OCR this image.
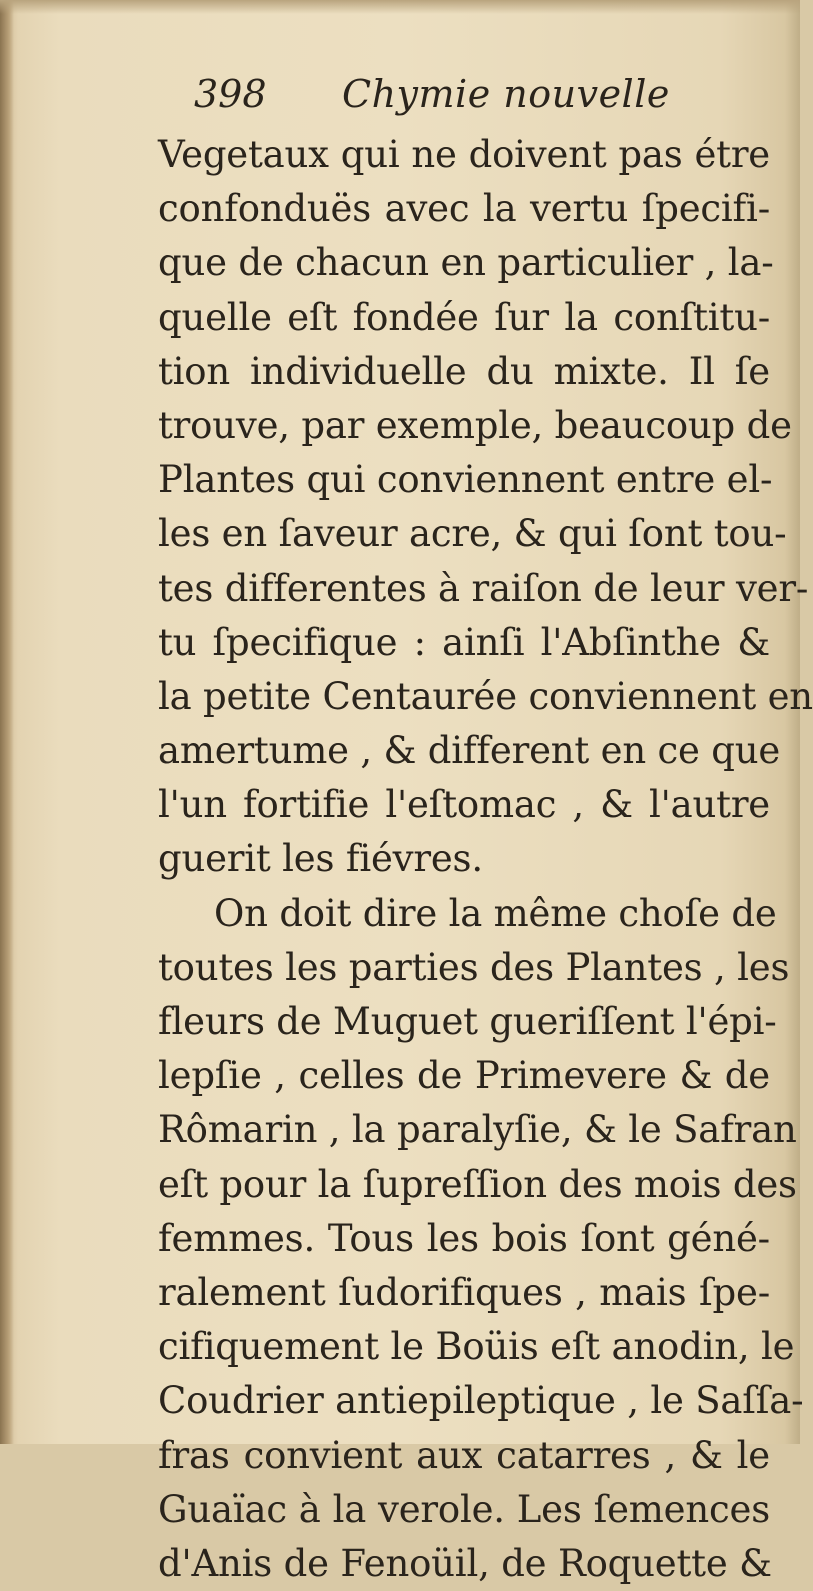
398 Chymie nouvelle
Vegetaux qui ne doivent pas étre
confonduës avec la vertu ſpecifi-
que de chacun en particulier , la-
quelle eſt fondée ſur la conſtitu-
tion individuelle du mixte. Il ſe
trouve, par exemple, beaucoup de
Plantes qui conviennent entre el-
les en ſaveur acre, & qui ſont tou-
tes differentes à raiſon de leur ver-
tu ſpecifique : ainſi l'Abſinthe &
la petite Centaurée conviennent en
amertume , & different en ce que
l'un fortifie l'eſtomac , & l'autre
guerit les fiévres.
On doit dire la même choſe de
toutes les parties des Plantes , les
fleurs de Muguet gueriſſent l'épi-
lepſie , celles de Primevere & de
Rômarin , la paralyſie, & le Safran
eſt pour la ſupreſſion des mois des
femmes. Tous les bois ſont géné-
ralement ſudorifiques , mais ſpe-
cifiquement le Boüis eſt anodin, le
Coudrier antiepileptique , le Saſſa-
fras convient aux catarres , & le
Guaïac à la verole. Les ſemences
d'Anis de Fenoüil, de Roquette &
